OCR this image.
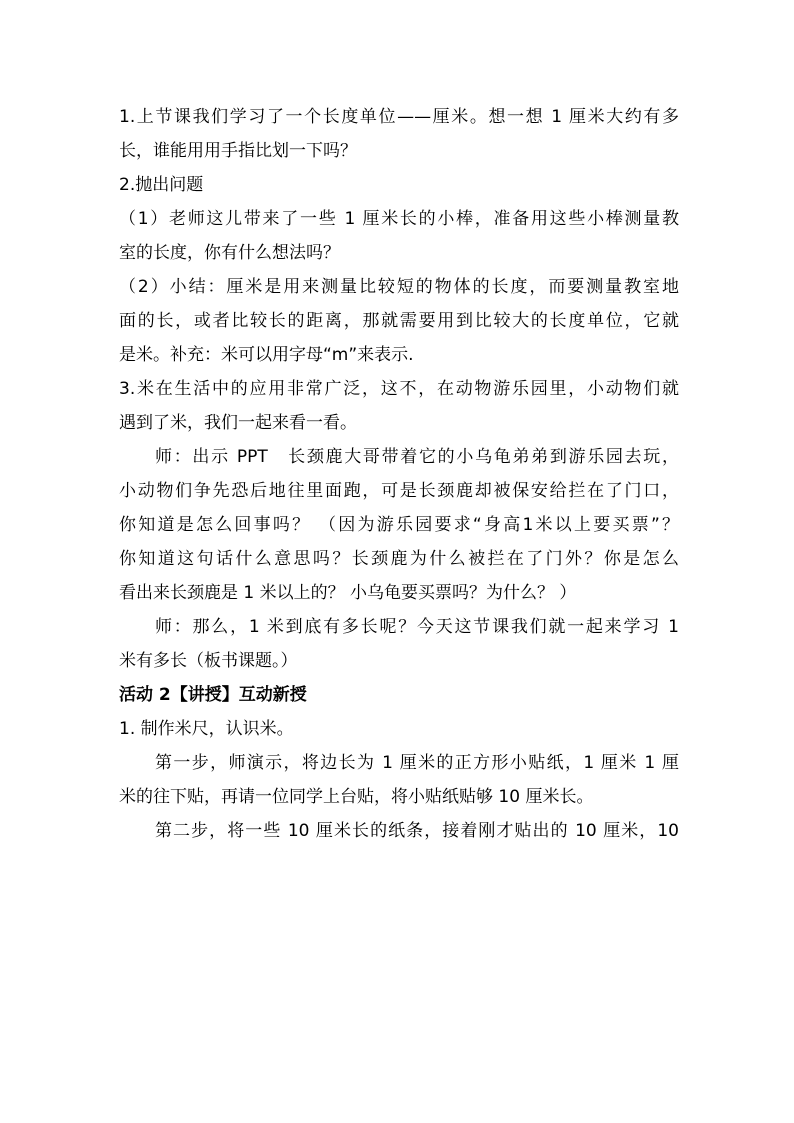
1.上节课我们学习了一个长度单位——厘米。想一想 1 厘米大约有多
长，谁能用用手指比划一下吗？
2.抛出问题
（1）老师这儿带来了一些 1 厘米长的小棒，准备用这些小棒测量教
室的长度，你有什么想法吗？
（2）小结：厘米是用来测量比较短的物体的长度，而要测量教室地
面的长，或者比较长的距离，那就需要用到比较大的长度单位，它就
是米。补充：米可以用字母“m”来表示.
3.米在生活中的应用非常广泛，这不，在动物游乐园里，小动物们就
遇到了米，我们一起来看一看。
师：出示 PPT　长颈鹿大哥带着它的小乌龟弟弟到游乐园去玩，
小动物们争先恐后地往里面跑，可是长颈鹿却被保安给拦在了门口，
你知道是怎么回事吗？ （因为游乐园要求“身高1米以上要买票”？
你知道这句话什么意思吗？长颈鹿为什么被拦在了门外？你是怎么
看出来长颈鹿是 1 米以上的？ 小乌龟要买票吗？为什么？ ）
师：那么，1 米到底有多长呢？今天这节课我们就一起来学习 1
米有多长（板书课题。）
活动 2【讲授】互动新授
1. 制作米尺，认识米。
第一步，师演示，将边长为 1 厘米的正方形小贴纸，1 厘米 1 厘
米的往下贴，再请一位同学上台贴，将小贴纸贴够 10 厘米长。
第二步，将一些 10 厘米长的纸条，接着刚才贴出的 10 厘米，10
